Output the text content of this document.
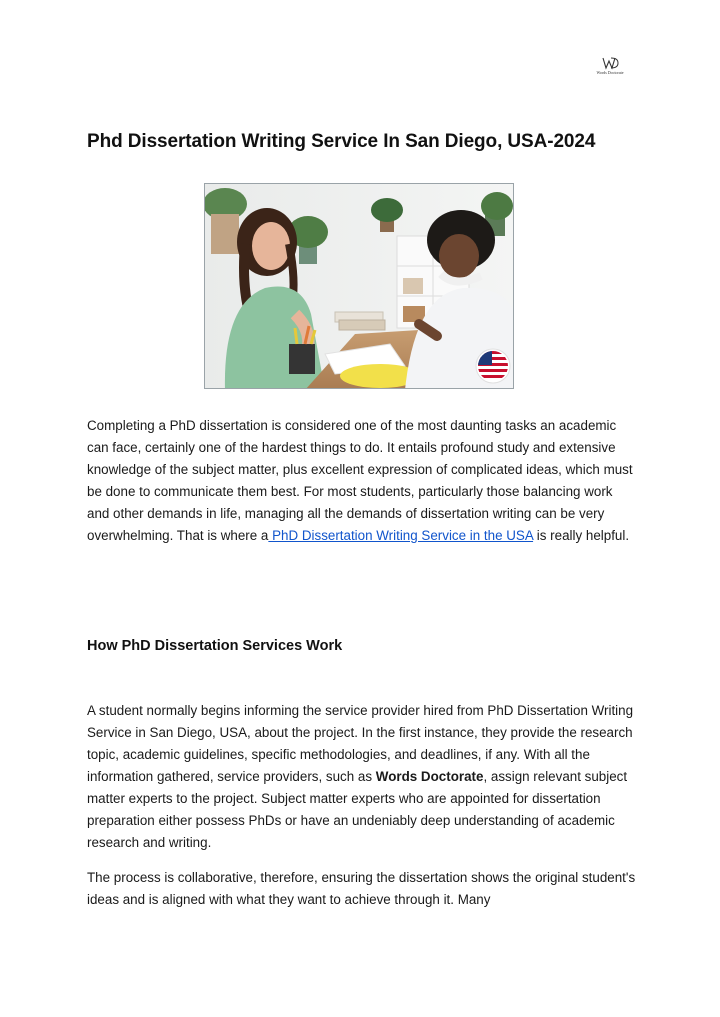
Words Doctorate
Phd Dissertation Writing Service In San Diego, USA-2024

Completing a PhD dissertation is considered one of the most daunting tasks an academic can face, certainly one of the hardest things to do. It entails profound study and extensive knowledge of the subject matter, plus excellent expression of complicated ideas, which must be done to communicate them best. For most students, particularly those balancing work and other demands in life, managing all the demands of dissertation writing can be very overwhelming. That is where a PhD Dissertation Writing Service in the USA is really helpful.

How PhD Dissertation Services Work

A student normally begins informing the service provider hired from PhD Dissertation Writing Service in San Diego, USA, about the project. In the first instance, they provide the research topic, academic guidelines, specific methodologies, and deadlines, if any. With all the information gathered, service providers, such as Words Doctorate, assign relevant subject matter experts to the project. Subject matter experts who are appointed for dissertation preparation either possess PhDs or have an undeniably deep understanding of academic research and writing.

The process is collaborative, therefore, ensuring the dissertation shows the original student's ideas and is aligned with what they want to achieve through it. Many
